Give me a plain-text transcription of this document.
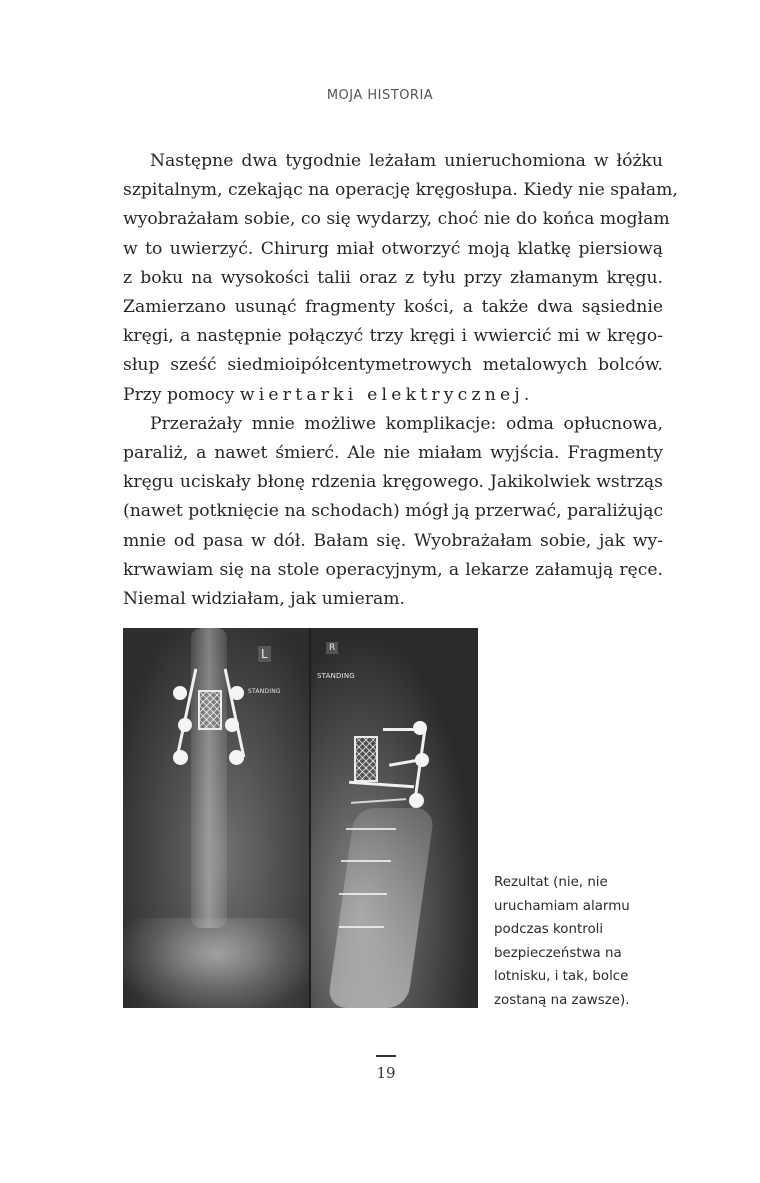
MOJA HISTORIA
Następne dwa tygodnie leżałam unieruchomiona w łóżku
szpitalnym, czekając na operację kręgosłupa. Kiedy nie spałam,
wyobrażałam sobie, co się wydarzy, choć nie do końca mogłam
w to uwierzyć. Chirurg miał otworzyć moją klatkę piersiową
z boku na wysokości talii oraz z tyłu przy złamanym kręgu.
Zamierzano usunąć fragmenty kości, a także dwa sąsiednie
kręgi, a następnie połączyć trzy kręgi i wwiercić mi w kręgo-
słup sześć siedmioipółcentymetrowych metalowych bolców.
Przy pomocy wiertarki elektrycznej.
Przerażały mnie możliwe komplikacje: odma opłucnowa,
paraliż, a nawet śmierć. Ale nie miałam wyjścia. Fragmenty
kręgu uciskały błonę rdzenia kręgowego. Jakikolwiek wstrząs
(nawet potknięcie na schodach) mógł ją przerwać, paraliżując
mnie od pasa w dół. Bałam się. Wyobrażałam sobie, jak wy-
krwawiam się na stole operacyjnym, a lekarze załamują ręce.
Niemal widziałam, jak umieram.
L
STANDING
R
STANDING
Rezultat (nie, nie
uruchamiam alarmu
podczas kontroli
bezpieczeństwa na
lotnisku, i tak, bolce
zostaną na zawsze).
19
